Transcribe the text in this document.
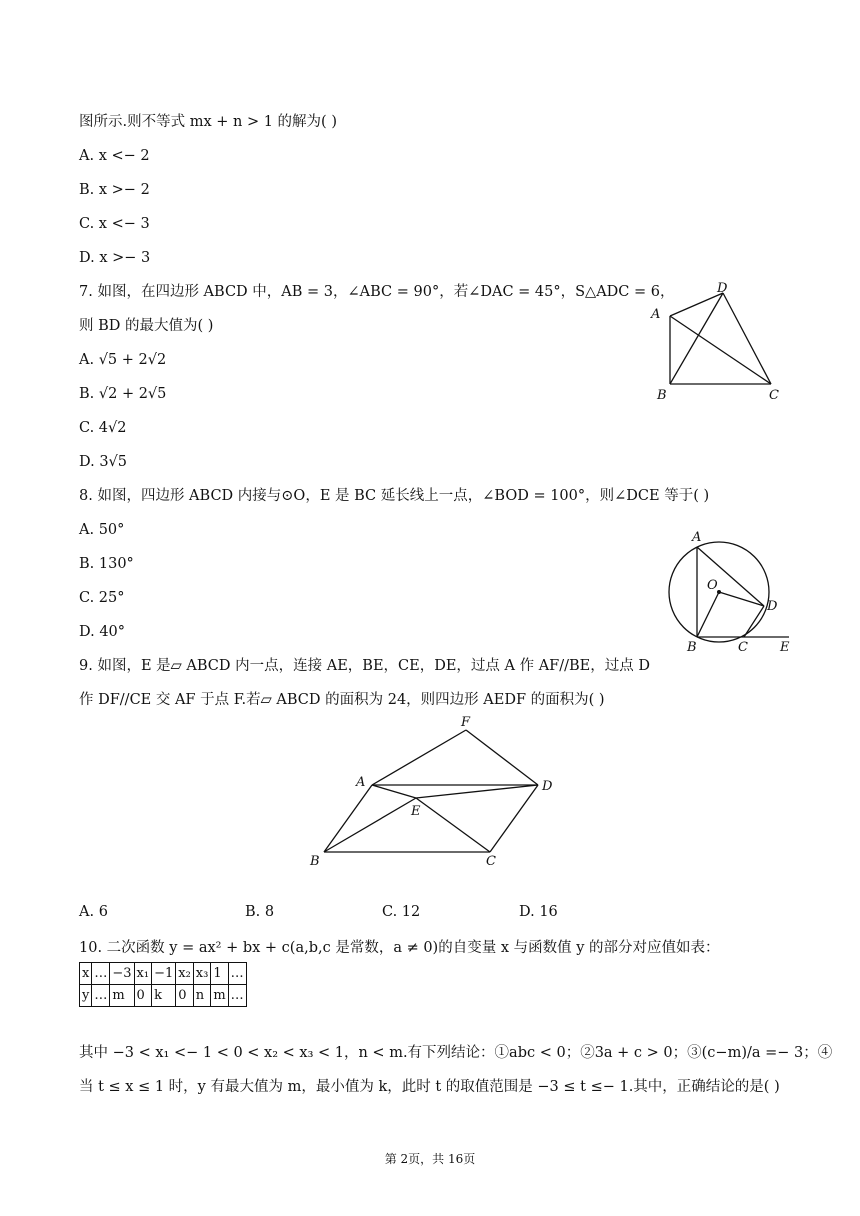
图所示.则不等式 mx + n > 1 的解为( )
A. x <− 2
B. x >− 2
C. x <− 3
D. x >− 3
7. 如图，在四边形 ABCD 中，AB = 3，∠ABC = 90°，若∠DAC = 45°，S△ADC = 6，
则 BD 的最大值为( )
A. √5 + 2√2
B. √2 + 2√5
C. 4√2
D. 3√5
A
B	C
D
8. 如图，四边形 ABCD 内接与⊙O，E 是 BC 延长线上一点，∠BOD = 100°，则∠DCE 等于( )
A. 50°
B. 130°
C. 25°
D. 40°
A
O
D
B	C E
9. 如图，E 是▱ ABCD 内一点，连接 AE，BE，CE，DE，过点 A 作 AF//BE，过点 D
作 DF//CE 交 AF 于点 F.若▱ ABCD 的面积为 24，则四边形 AEDF 的面积为( )
F
A	D
E
B	C
A. 6	B. 8	C. 12	D. 16
10. 二次函数 y = ax² + bx + c(a,b,c 是常数，a ≠ 0)的自变量 x 与函数值 y 的部分对应值如表：
x	…	−3	x₁	−1	x₂	x₃	1	…
y	…	m	0	k	0	n	m	…
其中 −3 < x₁ <− 1 < 0 < x₂ < x₃ < 1，n < m.有下列结论：①abc < 0；②3a + c > 0；③(c−m)/a =− 3；④
当 t ≤ x ≤ 1 时，y 有最大值为 m，最小值为 k，此时 t 的取值范围是 −3 ≤ t ≤− 1.其中，正确结论的是( )
第 2页，共 16页
